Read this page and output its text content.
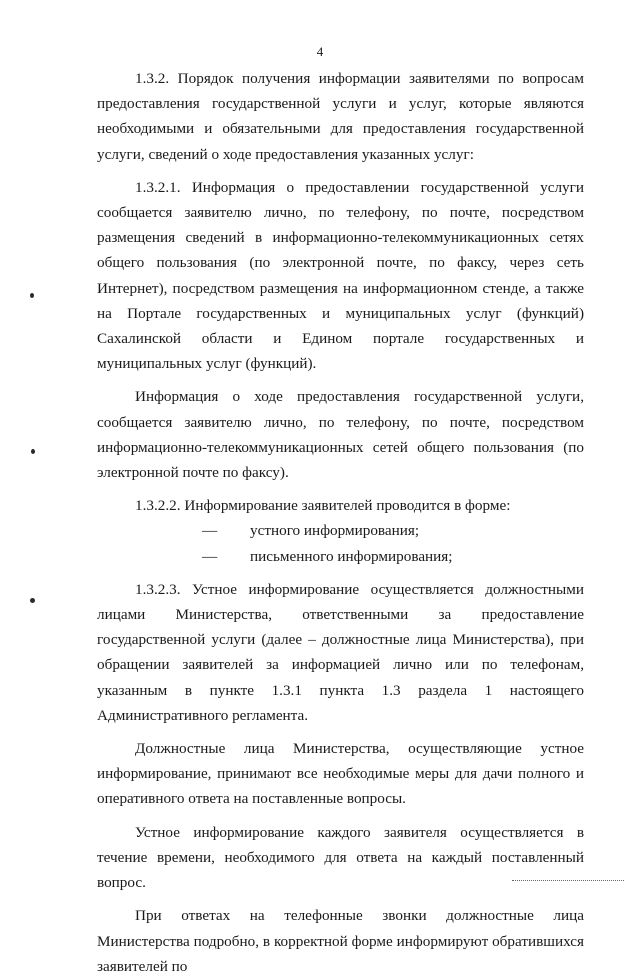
4

1.3.2. Порядок получения информации заявителями по вопросам предоставления государственной услуги и услуг, которые являются необходимыми и обязательными для предоставления государственной услуги, сведений о ходе предоставления указанных услуг:

1.3.2.1. Информация о предоставлении государственной услуги сообщается заявителю лично, по телефону, по почте, посредством размещения сведений в информационно-телекоммуникационных сетях общего пользования (по электронной почте, по факсу, через сеть Интернет), посредством размещения на информационном стенде, а также на Портале государственных и муниципальных услуг (функций) Сахалинской области и Едином портале государственных и муниципальных услуг (функций).

Информация о ходе предоставления государственной услуги, сообщается заявителю лично, по телефону, по почте, посредством информационно-телекоммуникационных сетей общего пользования (по электронной почте по факсу).

1.3.2.2. Информирование заявителей проводится в форме:

—	устного информирования;
—	письменного информирования;

1.3.2.3. Устное информирование осуществляется должностными лицами Министерства, ответственными за предоставление государственной услуги (далее – должностные лица Министерства), при обращении заявителей за информацией лично или по телефонам, указанным в пункте 1.3.1 пункта 1.3 раздела 1 настоящего Административного регламента.

Должностные лица Министерства, осуществляющие устное информирование, принимают все необходимые меры для дачи полного и оперативного ответа на поставленные вопросы.

Устное информирование каждого заявителя осуществляется в течение времени, необходимого для ответа на каждый поставленный вопрос.

При ответах на телефонные звонки должностные лица Министерства подробно, в корректной форме информируют обратившихся заявителей по
